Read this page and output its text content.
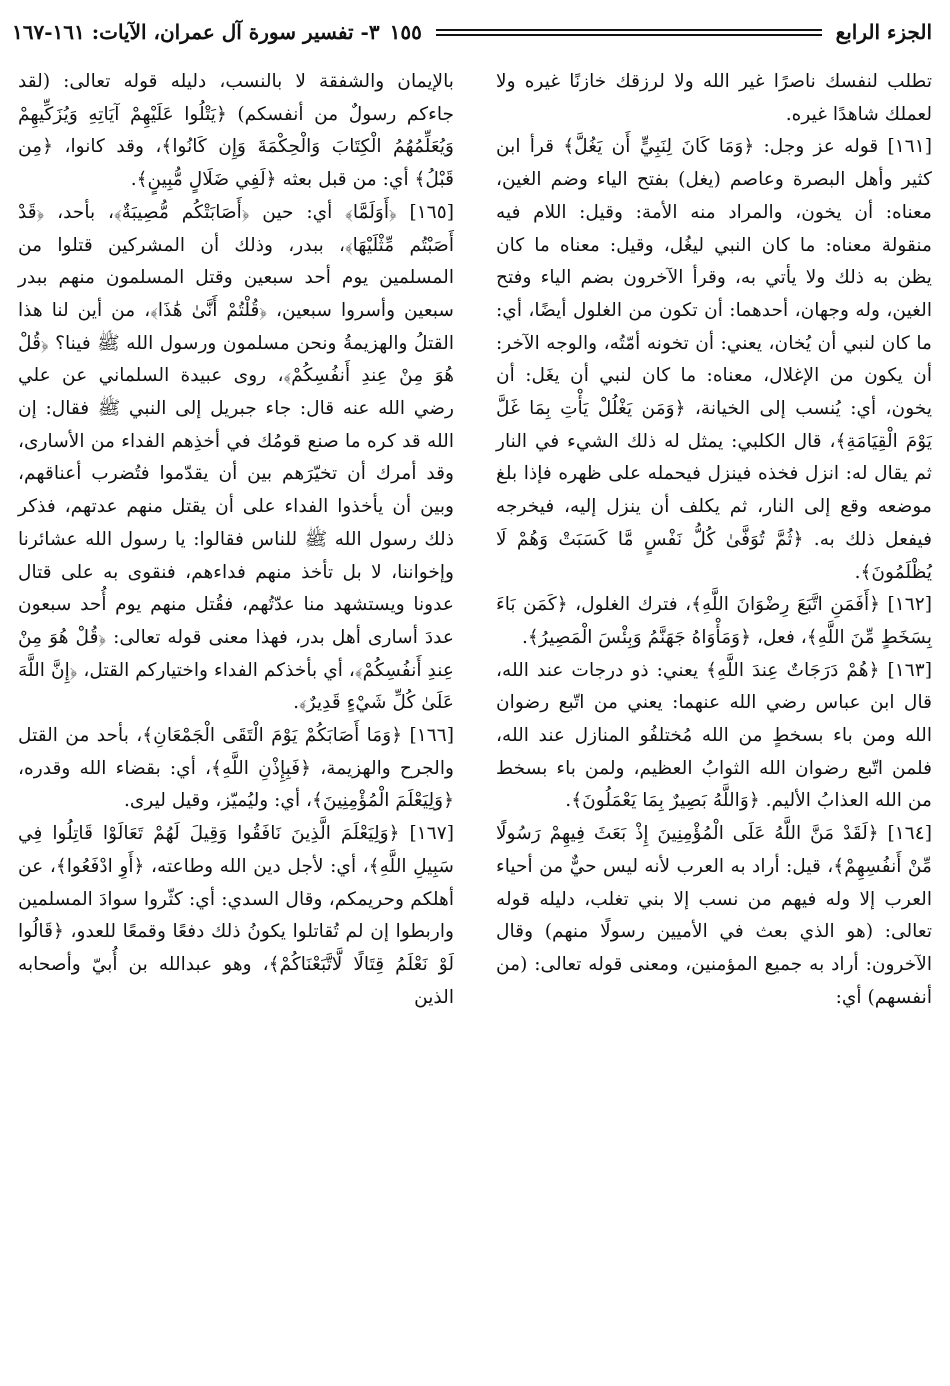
الجزء الرابع
١٥٥
٣- تفسير سورة آل عمران، الآيات: ١٦١-١٦٧

تطلب لنفسك ناصرًا غير الله ولا لرزقك خازنًا غيره ولا لعملك شاهدًا غيره.

[١٦١] قوله عز وجل: ﴿وَمَا كَانَ لِنَبِيٍّ أَن يَغُلَّ﴾ قرأ ابن كثير وأهل البصرة وعاصم (يغل) بفتح الياء وضم الغين، معناه: أن يخون، والمراد منه الأمة: وقيل: اللام فيه منقولة معناه: ما كان النبي ليغُل، وقيل: معناه ما كان يظن به ذلك ولا يأتي به، وقرأ الآخرون بضم الياء وفتح الغين، وله وجهان، أحدهما: أن تكون من الغلول أيضًا، أي: ما كان لنبي أن يُخان، يعني: أن تخونه أمّتُه، والوجه الآخر: أن يكون من الإغلال، معناه: ما كان لنبي أن يغَل: أن يخون، أي: يُنسب إلى الخيانة، ﴿وَمَن يَغْلُلْ يَأْتِ بِمَا غَلَّ يَوْمَ الْقِيَامَةِ﴾، قال الكلبي: يمثل له ذلك الشيء في النار ثم يقال له: انزل فخذه فينزل فيحمله على ظهره فإذا بلغ موضعه وقع إلى النار، ثم يكلف أن ينزل إليه، فيخرجه فيفعل ذلك به. ﴿ثُمَّ تُوَفَّىٰ كُلُّ نَفْسٍ مَّا كَسَبَتْ وَهُمْ لَا يُظْلَمُونَ﴾.

[١٦٢] ﴿أَفَمَنِ اتَّبَعَ رِضْوَانَ اللَّهِ﴾، فترك الغلول، ﴿كَمَن بَاءَ بِسَخَطٍ مِّنَ اللَّهِ﴾، فعل، ﴿وَمَأْوَاهُ جَهَنَّمُ وَبِئْسَ الْمَصِيرُ﴾.

[١٦٣] ﴿هُمْ دَرَجَاتٌ عِندَ اللَّهِ﴾ يعني: ذو درجات عند الله، قال ابن عباس رضي الله عنهما: يعني من اتّبع رضوان الله ومن باء بسخطٍ من الله مُختلفُو المنازل عند الله، فلمن اتّبع رضوان الله الثوابُ العظيم، ولمن باء بسخط من الله العذابُ الأليم. ﴿وَاللَّهُ بَصِيرٌ بِمَا يَعْمَلُونَ﴾.

[١٦٤] ﴿لَقَدْ مَنَّ اللَّهُ عَلَى الْمُؤْمِنِينَ إِذْ بَعَثَ فِيهِمْ رَسُولًا مِّنْ أَنفُسِهِمْ﴾، قيل: أراد به العرب لأنه ليس حيٌّ من أحياء العرب إلا وله فيهم من نسب إلا بني تغلب، دليله قوله تعالى: (هو الذي بعث في الأميين رسولًا منهم) وقال الآخرون: أراد به جميع المؤمنين، ومعنى قوله تعالى: (من أنفسهم) أي:

بالإيمان والشفقة لا بالنسب، دليله قوله تعالى: (لقد جاءكم رسولٌ من أنفسكم) ﴿يَتْلُوا عَلَيْهِمْ آيَاتِهِ وَيُزَكِّيهِمْ وَيُعَلِّمُهُمُ الْكِتَابَ وَالْحِكْمَةَ وَإِن كَانُوا﴾، وقد كانوا، ﴿مِن قَبْلُ﴾ أي: من قبل بعثه ﴿لَفِي ضَلَالٍ مُّبِينٍ﴾.

[١٦٥] ﴿أَوَلَمَّا﴾ أي: حين ﴿أَصَابَتْكُم مُّصِيبَةٌ﴾، بأحد، ﴿قَدْ أَصَبْتُم مِّثْلَيْهَا﴾، ببدر، وذلك أن المشركين قتلوا من المسلمين يوم أحد سبعين وقتل المسلمون منهم ببدر سبعين وأسروا سبعين، ﴿قُلْتُمْ أَنَّىٰ هَٰذَا﴾، من أين لنا هذا القتلُ والهزيمةُ ونحن مسلمون ورسول الله ﷺ فينا؟ ﴿قُلْ هُوَ مِنْ عِندِ أَنفُسِكُمْ﴾، روى عبيدة السلماني عن علي رضي الله عنه قال: جاء جبريل إلى النبي ﷺ فقال: إن الله قد كره ما صنع قومُك في أخذِهم الفداء من الأسارى، وقد أمرك أن تخيّرَهم بين أن يقدّموا فتُضرب أعناقهم، وبين أن يأخذوا الفداء على أن يقتل منهم عدتهم، فذكر ذلك رسول الله ﷺ للناس فقالوا: يا رسول الله عشائرنا وإخواننا، لا بل تأخذ منهم فداءهم، فنقوى به على قتال عدونا ويستشهد منا عدّتُهم، فقُتل منهم يوم أُحد سبعون عددَ أسارى أهل بدر، فهذا معنى قوله تعالى: ﴿قُلْ هُوَ مِنْ عِندِ أَنفُسِكُمْ﴾، أي بأخذكم الفداء واختياركم القتل، ﴿إِنَّ اللَّهَ عَلَىٰ كُلِّ شَيْءٍ قَدِيرٌ﴾.

[١٦٦] ﴿وَمَا أَصَابَكُمْ يَوْمَ الْتَقَى الْجَمْعَانِ﴾، بأحد من القتل والجرح والهزيمة، ﴿فَبِإِذْنِ اللَّهِ﴾، أي: بقضاء الله وقدره، ﴿وَلِيَعْلَمَ الْمُؤْمِنِينَ﴾، أي: وليُميّز، وقيل ليرى.

[١٦٧] ﴿وَلِيَعْلَمَ الَّذِينَ نَافَقُوا وَقِيلَ لَهُمْ تَعَالَوْا قَاتِلُوا فِي سَبِيلِ اللَّهِ﴾، أي: لأجل دين الله وطاعته، ﴿أَوِ ادْفَعُوا﴾، عن أهلكم وحريمكم، وقال السدي: أي: كثّروا سوادَ المسلمين واربطوا إن لم تُقاتلوا يكونُ ذلك دفعًا وقمعًا للعدو، ﴿قَالُوا لَوْ نَعْلَمُ قِتَالًا لَّاتَّبَعْنَاكُمْ﴾، وهو عبدالله بن أُبيّ وأصحابه الذين
